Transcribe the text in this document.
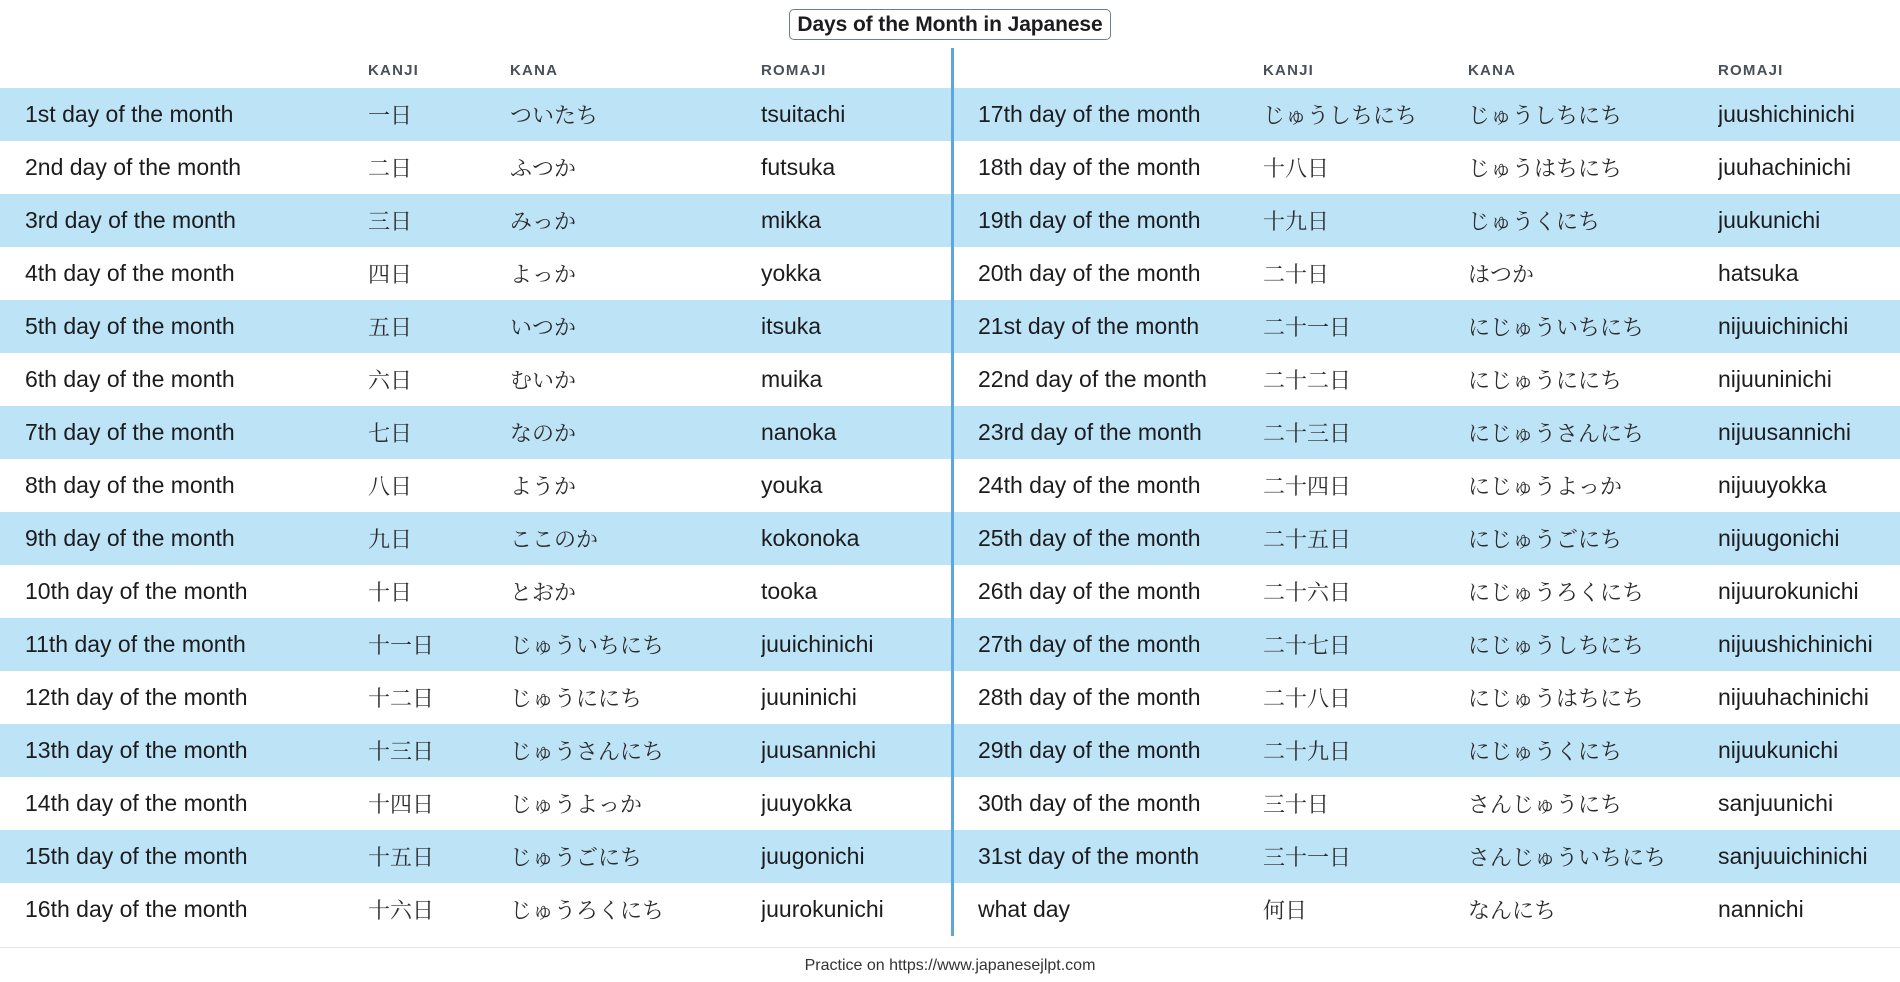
Days of the Month in Japanese
	KANJI	KANA	ROMAJI
1st day of the month	一日	ついたち	tsuitachi
2nd day of the month	二日	ふつか	futsuka
3rd day of the month	三日	みっか	mikka
4th day of the month	四日	よっか	yokka
5th day of the month	五日	いつか	itsuka
6th day of the month	六日	むいか	muika
7th day of the month	七日	なのか	nanoka
8th day of the month	八日	ようか	youka
9th day of the month	九日	ここのか	kokonoka
10th day of the month	十日	とおか	tooka
11th day of the month	十一日	じゅういちにち	juuichinichi
12th day of the month	十二日	じゅうににち	juuninichi
13th day of the month	十三日	じゅうさんにち	juusannichi
14th day of the month	十四日	じゅうよっか	juuyokka
15th day of the month	十五日	じゅうごにち	juugonichi
16th day of the month	十六日	じゅうろくにち	juurokunichi
	KANJI	KANA	ROMAJI
17th day of the month	じゅうしちにち	じゅうしちにち	juushichinichi
18th day of the month	十八日	じゅうはちにち	juuhachinichi
19th day of the month	十九日	じゅうくにち	juukunichi
20th day of the month	二十日	はつか	hatsuka
21st day of the month	二十一日	にじゅういちにち	nijuuichinichi
22nd day of the month	二十二日	にじゅうににち	nijuuninichi
23rd day of the month	二十三日	にじゅうさんにち	nijuusannichi
24th day of the month	二十四日	にじゅうよっか	nijuuyokka
25th day of the month	二十五日	にじゅうごにち	nijuugonichi
26th day of the month	二十六日	にじゅうろくにち	nijuurokunichi
27th day of the month	二十七日	にじゅうしちにち	nijuushichinichi
28th day of the month	二十八日	にじゅうはちにち	nijuuhachinichi
29th day of the month	二十九日	にじゅうくにち	nijuukunichi
30th day of the month	三十日	さんじゅうにち	sanjuunichi
31st day of the month	三十一日	さんじゅういちにち	sanjuuichinichi
what day	何日	なんにち	nannichi
Practice on https://www.japanesejlpt.com
